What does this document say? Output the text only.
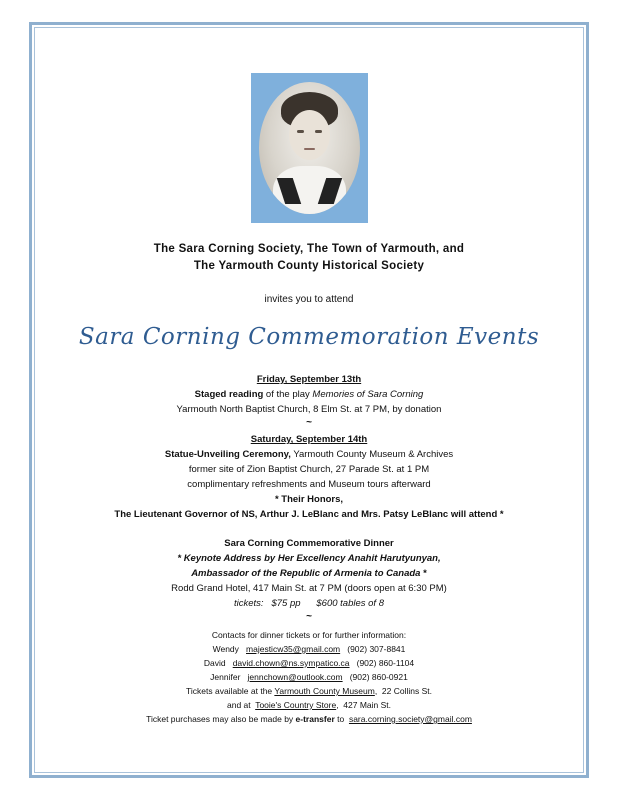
The Sara Corning Society, The Town of Yarmouth, and
The Yarmouth County Historical Society
invites you to attend
Sara Corning Commemoration Events
Friday, September 13th
Staged reading of the play Memories of Sara Corning
Yarmouth North Baptist Church, 8 Elm St. at 7 PM, by donation
~
Saturday, September 14th
Statue-Unveiling Ceremony, Yarmouth County Museum & Archives
former site of Zion Baptist Church, 27 Parade St. at 1 PM
complimentary refreshments and Museum tours afterward
* Their Honors,
The Lieutenant Governor of NS, Arthur J. LeBlanc and Mrs. Patsy LeBlanc will attend *
Sara Corning Commemorative Dinner
* Keynote Address by Her Excellency Anahit Harutyunyan,
Ambassador of the Republic of Armenia to Canada *
Rodd Grand Hotel, 417 Main St. at 7 PM (doors open at 6:30 PM)
tickets:   $75 pp      $600 tables of 8
~
Contacts for dinner tickets or for further information:
Wendy majesticw35@gmail.com (902) 307-8841
David david.chown@ns.sympatico.ca (902) 860-1104
Jennifer jennchown@outlook.com (902) 860-0921
Tickets available at the Yarmouth County Museum,  22 Collins St.
and at  Tooie's Country Store,  427 Main St.
Ticket purchases may also be made by e-transfer to  sara.corning.society@gmail.com
